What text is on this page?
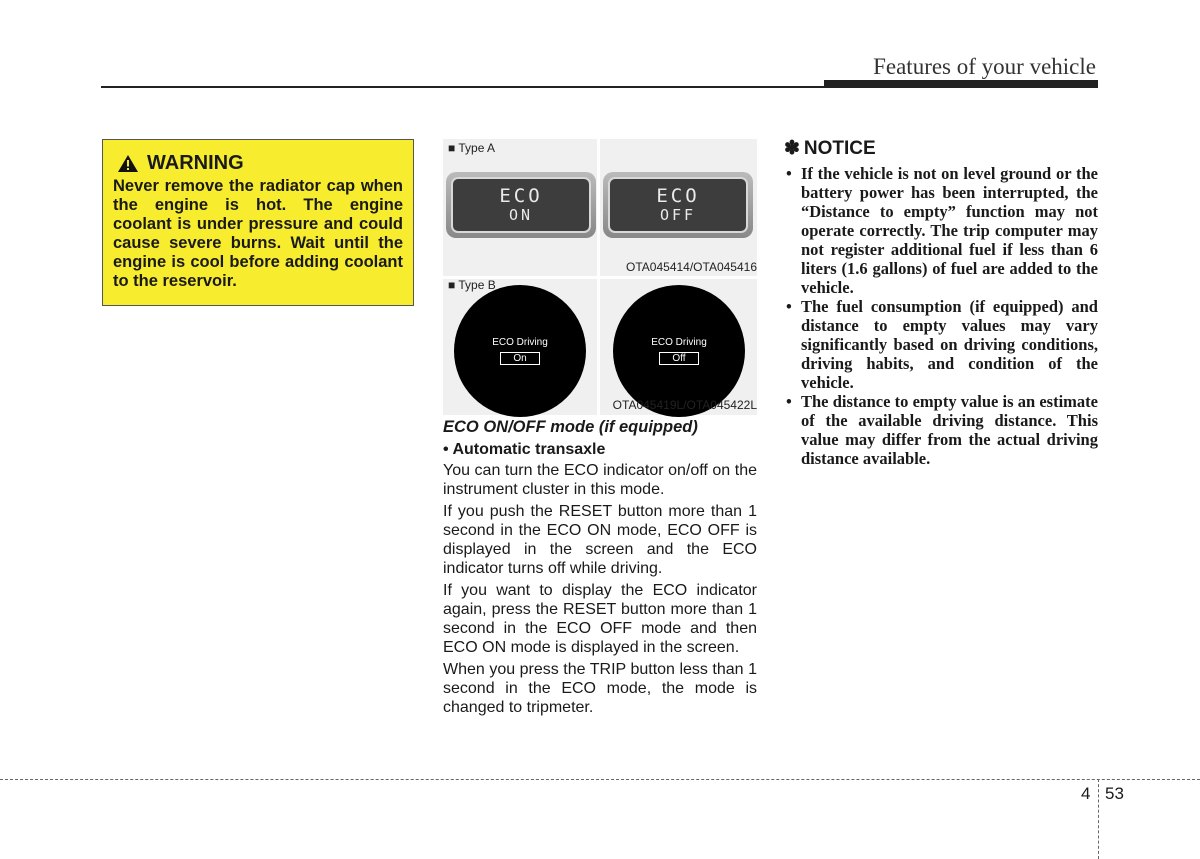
Features of your vehicle
WARNING
Never remove the radiator cap when the engine is hot. The engine coolant is under pressure and could cause severe burns. Wait until the engine is cool before adding coolant to the reservoir.
■ Type A
ECO
ON
ECO
OFF
OTA045414/OTA045416
■ Type B
ECO Driving
On
ECO Driving
Off
OTA045419L/OTA045422L
ECO ON/OFF mode (if equipped)
• Automatic transaxle

You can turn the ECO indicator on/off on the instrument cluster in this mode.

If you push the RESET button more than 1 second in the ECO ON mode, ECO OFF is displayed in the screen and the ECO indicator turns off while driving.

If you want to display the ECO indicator again, press the RESET button more than 1 second in the ECO OFF mode and then ECO ON mode is displayed in the screen.

When you press the TRIP button less than 1 second in the ECO mode, the mode is changed to tripmeter.

✽ NOTICE
• If the vehicle is not on level ground or the battery power has been interrupted, the “Distance to empty” function may not operate correctly. The trip computer may not register additional fuel if less than 6 liters (1.6 gallons) of fuel are added to the vehicle.
• The fuel consumption (if equipped) and distance to empty values may vary significantly based on driving conditions, driving habits, and condition of the vehicle.
• The distance to empty value is an estimate of the available driving distance. This value may differ from the actual driving distance available.
4 53
